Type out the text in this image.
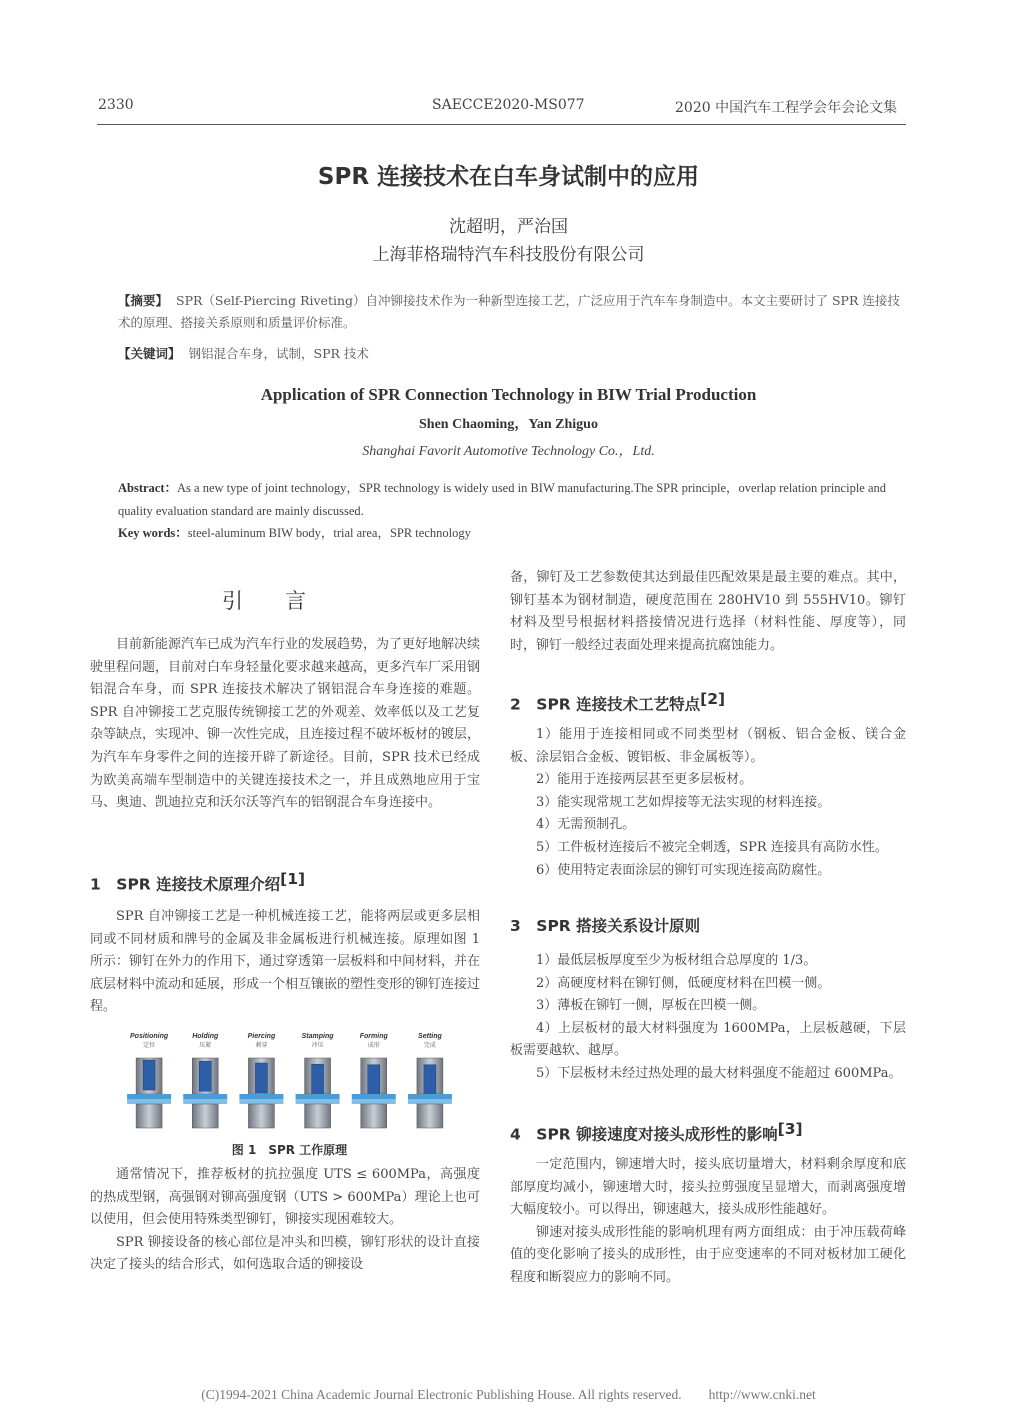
2330	SAECCE2020-MS077	2020 中国汽车工程学会年会论文集
SPR 连接技术在白车身试制中的应用
沈超明，严治国
上海菲格瑞特汽车科技股份有限公司
【摘要】 SPR（Self-Piercing Riveting）自冲铆接技术作为一种新型连接工艺，广泛应用于汽车车身制造中。本文主要研讨了 SPR 连接技术的原理、搭接关系原则和质量评价标准。
【关键词】 钢铝混合车身，试制，SPR 技术
Application of SPR Connection Technology in BIW Trial Production
Shen Chaoming，Yan Zhiguo
Shanghai Favorit Automotive Technology Co.，Ltd.
Abstract：As a new type of joint technology，SPR technology is widely used in BIW manufacturing.The SPR principle，overlap relation principle and quality evaluation standard are mainly discussed.
Key words：steel-aluminum BIW body，trial area，SPR technology
引言

目前新能源汽车已成为汽车行业的发展趋势，为了更好地解决续驶里程问题，目前对白车身轻量化要求越来越高，更多汽车厂采用钢铝混合车身，而 SPR 连接技术解决了钢铝混合车身连接的难题。SPR 自冲铆接工艺克服传统铆接工艺的外观差、效率低以及工艺复杂等缺点，实现冲、铆一次性完成，且连接过程不破坏板材的镀层，为汽车车身零件之间的连接开辟了新途径。目前，SPR 技术已经成为欧美高端车型制造中的关键连接技术之一，并且成熟地应用于宝马、奥迪、凯迪拉克和沃尔沃等汽车的铝钢混合车身连接中。

1　SPR 连接技术原理介绍[1]

SPR 自冲铆接工艺是一种机械连接工艺，能将两层或更多层相同或不同材质和牌号的金属及非金属板进行机械连接。原理如图 1 所示：铆钉在外力的作用下，通过穿透第一层板料和中间材料，并在底层材料中流动和延展，形成一个相互镶嵌的塑性变形的铆钉连接过程。

Positioning
定位
Holding
压紧
Piercing
刺穿
Stamping
冲压
Forming
成形
Setting
完成
图 1　SPR 工作原理

通常情况下，推荐板材的抗拉强度 UTS ≤ 600MPa，高强度的热成型钢，高强钢对铆高强度钢（UTS > 600MPa）理论上也可以使用，但会使用特殊类型铆钉，铆接实现困难较大。

SPR 铆接设备的核心部位是冲头和凹模，铆钉形状的设计直接决定了接头的结合形式，如何选取合适的铆接设

备，铆钉及工艺参数使其达到最佳匹配效果是最主要的难点。其中，铆钉基本为钢材制造，硬度范围在 280HV10 到 555HV10。铆钉材料及型号根据材料搭接情况进行选择（材料性能、厚度等），同时，铆钉一般经过表面处理来提高抗腐蚀能力。

2　SPR 连接技术工艺特点[2]

1）能用于连接相同或不同类型材（钢板、铝合金板、镁合金板、涂层铝合金板、镀铝板、非金属板等）。

2）能用于连接两层甚至更多层板材。

3）能实现常规工艺如焊接等无法实现的材料连接。

4）无需预制孔。

5）工件板材连接后不被完全刺透，SPR 连接具有高防水性。

6）使用特定表面涂层的铆钉可实现连接高防腐性。

3　SPR 搭接关系设计原则

1）最低层板厚度至少为板材组合总厚度的 1/3。

2）高硬度材料在铆钉侧，低硬度材料在凹模一侧。

3）薄板在铆钉一侧，厚板在凹模一侧。

4）上层板材的最大材料强度为 1600MPa，上层板越硬，下层板需要越软、越厚。

5）下层板材未经过热处理的最大材料强度不能超过 600MPa。

4　SPR 铆接速度对接头成形性的影响[3]

一定范围内，铆速增大时，接头底切量增大，材料剩余厚度和底部厚度均减小，铆速增大时，接头拉剪强度呈显增大，而剥离强度增大幅度较小。可以得出，铆速越大，接头成形性能越好。

铆速对接头成形性能的影响机理有两方面组成：由于冲压载荷峰值的变化影响了接头的成形性，由于应变速率的不同对板材加工硬化程度和断裂应力的影响不同。

(C)1994-2021 China Academic Journal Electronic Publishing House. All rights reserved.　　http://www.cnki.net
